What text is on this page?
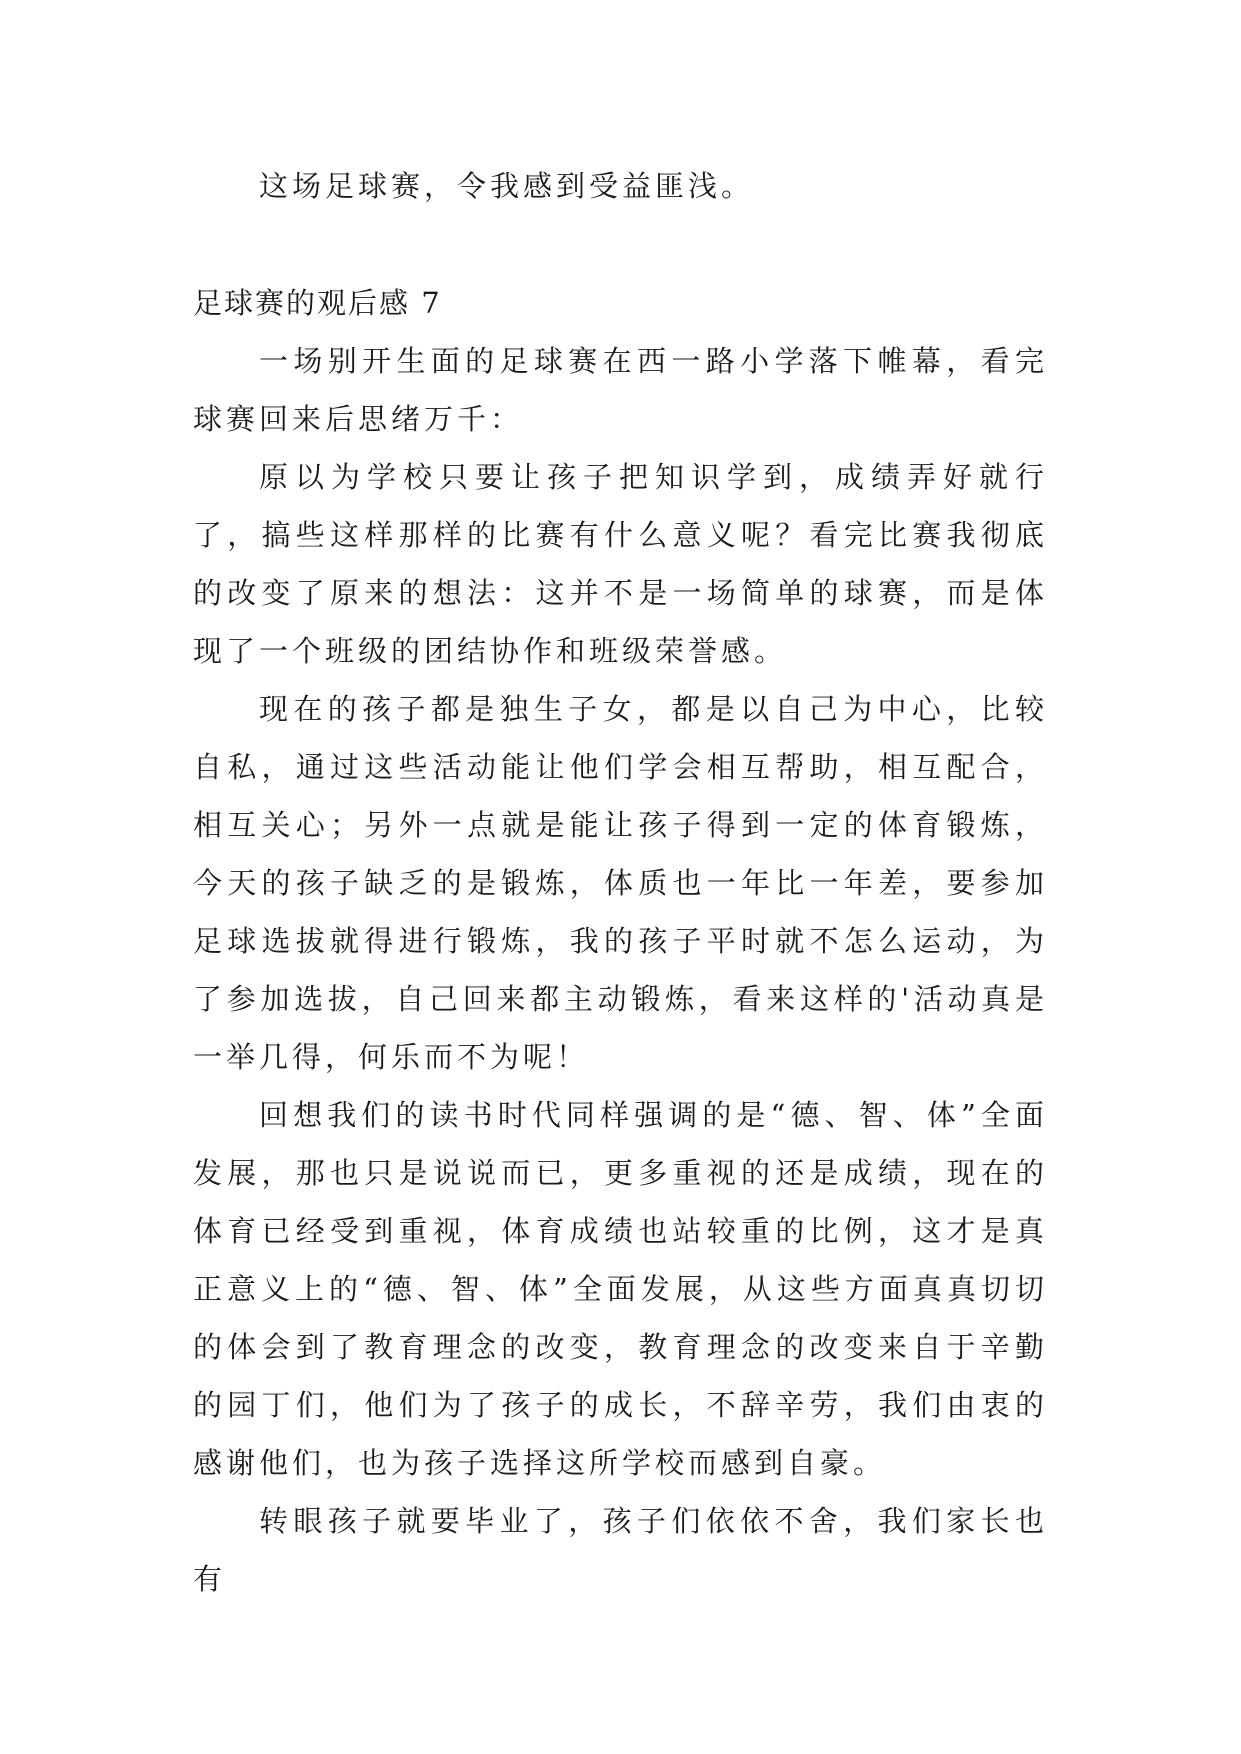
这场足球赛，令我感到受益匪浅。

足球赛的观后感 7

一场别开生面的足球赛在西一路小学落下帷幕，看完球赛回来后思绪万千：

原以为学校只要让孩子把知识学到，成绩弄好就行了，搞些这样那样的比赛有什么意义呢？看完比赛我彻底的改变了原来的想法：这并不是一场简单的球赛，而是体现了一个班级的团结协作和班级荣誉感。

现在的孩子都是独生子女，都是以自己为中心，比较自私，通过这些活动能让他们学会相互帮助，相互配合，相互关心；另外一点就是能让孩子得到一定的体育锻炼，今天的孩子缺乏的是锻炼，体质也一年比一年差，要参加足球选拔就得进行锻炼，我的孩子平时就不怎么运动，为了参加选拔，自己回来都主动锻炼，看来这样的'活动真是一举几得，何乐而不为呢！

回想我们的读书时代同样强调的是“德、智、体”全面发展，那也只是说说而已，更多重视的还是成绩，现在的体育已经受到重视，体育成绩也站较重的比例，这才是真正意义上的“德、智、体”全面发展，从这些方面真真切切的体会到了教育理念的改变，教育理念的改变来自于辛勤的园丁们，他们为了孩子的成长，不辞辛劳，我们由衷的感谢他们，也为孩子选择这所学校而感到自豪。

转眼孩子就要毕业了，孩子们依依不舍，我们家长也有
